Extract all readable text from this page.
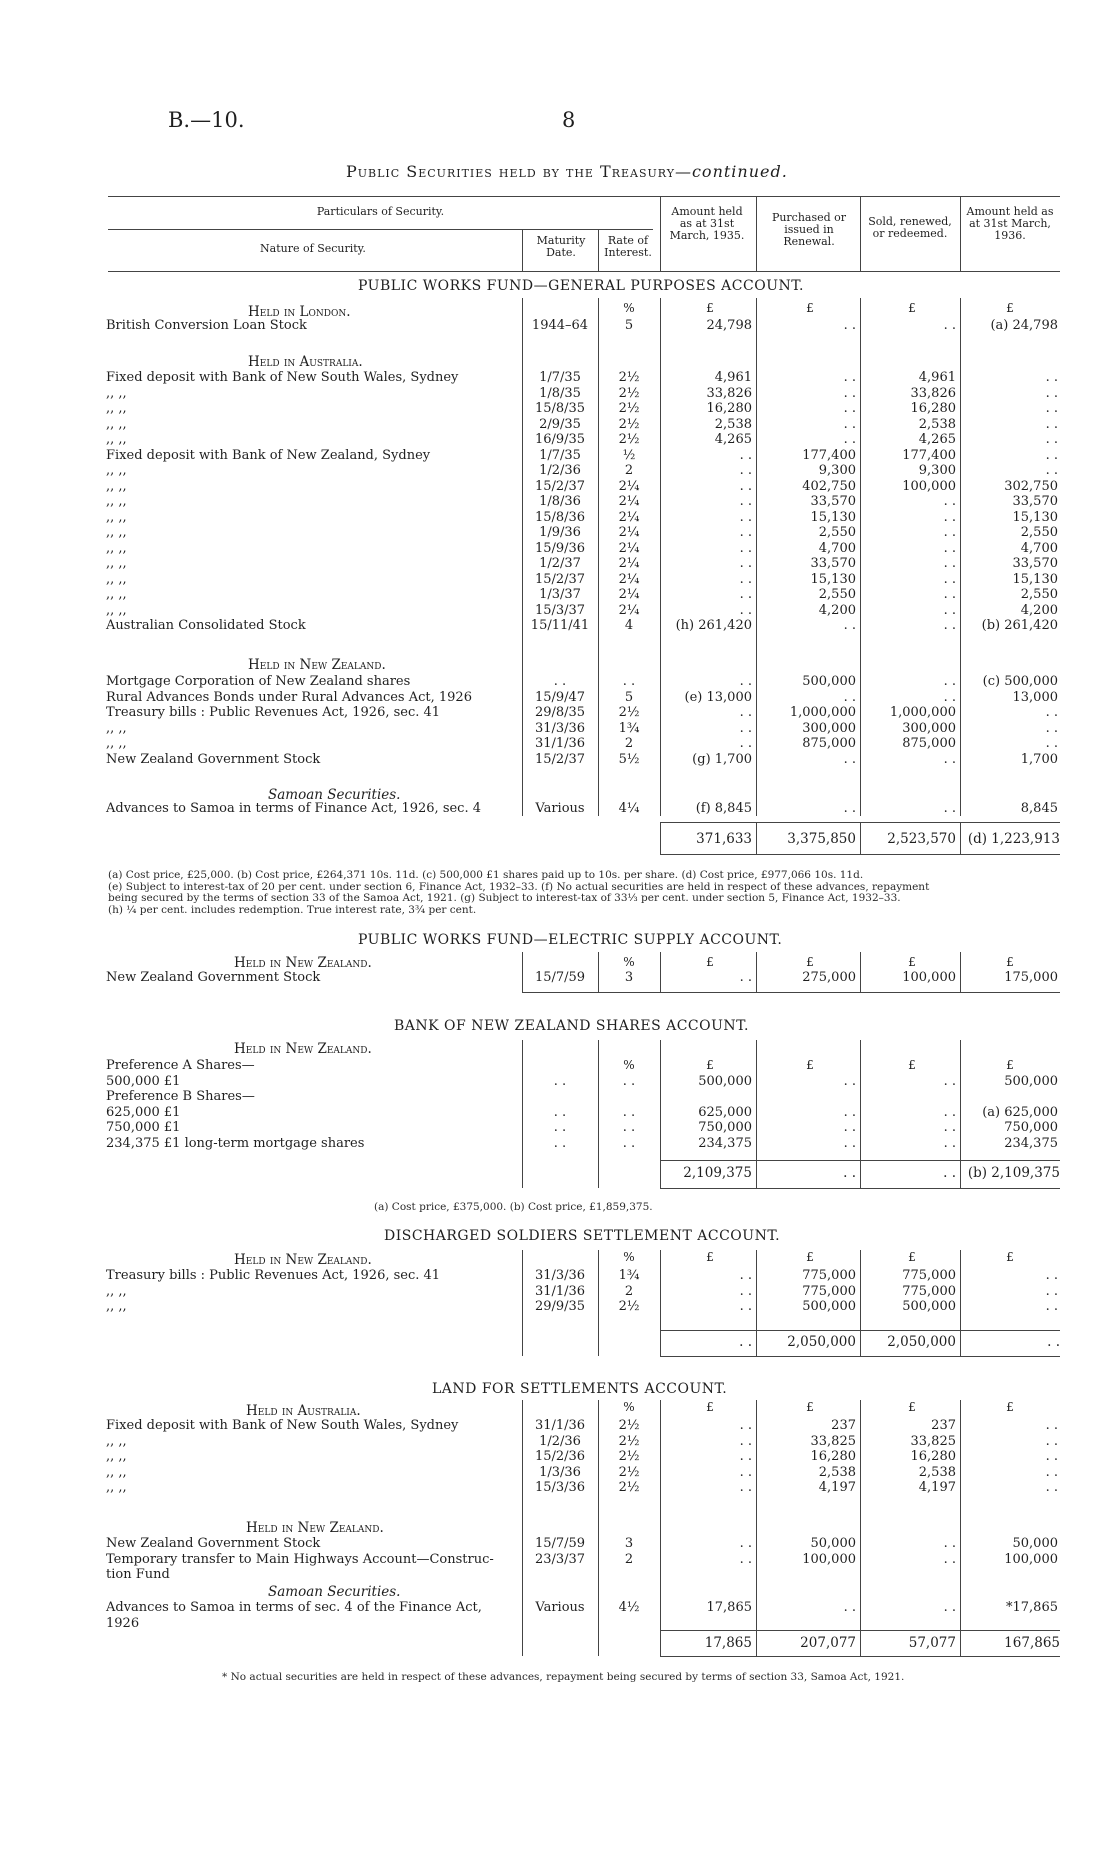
B.—10.	8
Public Securities held by the Treasury—continued.
Particulars of Security.
Nature of Security.
Maturity Date.
Rate of Interest.
Amount held as at 31st March, 1935.
Purchased or issued in Renewal.
Sold, renewed, or redeemed.
Amount held as at 31st March, 1936.
PUBLIC WORKS FUND—GENERAL PURPOSES ACCOUNT.
Held in London.	%	£	£	£	£
British Conversion Loan Stock	1944–64	5	24,798	. .	. .	(a) 24,798
Held in Australia.
Fixed deposit with Bank of New South Wales, Sydney	1/7/35	2½	4,961	. .	4,961	. .
,, ,,	1/8/35	2½	33,826	. .	33,826	. .
,, ,,	15/8/35	2½	16,280	. .	16,280	. .
,, ,,	2/9/35	2½	2,538	. .	2,538	. .
,, ,,	16/9/35	2½	4,265	. .	4,265	. .
Fixed deposit with Bank of New Zealand, Sydney	1/7/35	½	. .	177,400	177,400	. .
,, ,,	1/2/36	2	. .	9,300	9,300	. .
,, ,,	15/2/37	2¼	. .	402,750	100,000	302,750
,, ,,	1/8/36	2¼	. .	33,570	. .	33,570
,, ,,	15/8/36	2¼	. .	15,130	. .	15,130
,, ,,	1/9/36	2¼	. .	2,550	. .	2,550
,, ,,	15/9/36	2¼	. .	4,700	. .	4,700
,, ,,	1/2/37	2¼	. .	33,570	. .	33,570
,, ,,	15/2/37	2¼	. .	15,130	. .	15,130
,, ,,	1/3/37	2¼	. .	2,550	. .	2,550
,, ,,	15/3/37	2¼	. .	4,200	. .	4,200
Australian Consolidated Stock	15/11/41	4	(h) 261,420	. .	. .	(b) 261,420
Held in New Zealand.
Mortgage Corporation of New Zealand shares	. .	. .	. .	500,000	. .	(c) 500,000
Rural Advances Bonds under Rural Advances Act, 1926	15/9/47	5	(e) 13,000	. .	. .	13,000
Treasury bills : Public Revenues Act, 1926, sec. 41	29/8/35	2½	. .	1,000,000	1,000,000	. .
,, ,,	31/3/36	1¾	. .	300,000	300,000	. .
,, ,,	31/1/36	2	. .	875,000	875,000	. .
New Zealand Government Stock	15/2/37	5½	(g) 1,700	. .	. .	1,700
Samoan Securities.
Advances to Samoa in terms of Finance Act, 1926, sec. 4	Various	4¼	(f) 8,845	. .	. .	8,845
371,633	3,375,850	2,523,570 (d) 1,223,913
(a) Cost price, £25,000. (b) Cost price, £264,371 10s. 11d. (c) 500,000 £1 shares paid up to 10s. per share. (d) Cost price, £977,066 10s. 11d.
(e) Subject to interest-tax of 20 per cent. under section 6, Finance Act, 1932–33. (f) No actual securities are held in respect of these advances, repayment
being secured by the terms of section 33 of the Samoa Act, 1921. (g) Subject to interest-tax of 33⅓ per cent. under section 5, Finance Act, 1932–33.
(h) ¼ per cent. includes redemption. True interest rate, 3¾ per cent.
PUBLIC WORKS FUND—ELECTRIC SUPPLY ACCOUNT.
Held in New Zealand.	%	£	£	£	£
New Zealand Government Stock	15/7/59	3	. .	275,000	100,000	175,000
BANK OF NEW ZEALAND SHARES ACCOUNT.
Held in New Zealand.
%	£	£	£	£
Preference A Shares—						
500,000 £1	. .	. .	500,000	. .	. .	500,000
Preference B Shares—						
625,000 £1	. .	. .	625,000	. .	. .	(a) 625,000
750,000 £1	. .	. .	750,000	. .	. .	750,000
234,375 £1 long-term mortgage shares	. .	. .	234,375	. .	. .	234,375
2,109,375	. .	. . (b) 2,109,375
(a) Cost price, £375,000. (b) Cost price, £1,859,375.
DISCHARGED SOLDIERS SETTLEMENT ACCOUNT.
Held in New Zealand.	%	£	£	£	£
Treasury bills : Public Revenues Act, 1926, sec. 41	31/3/36	1¾	. .	775,000	775,000	. .
,, ,,	31/1/36	2	. .	775,000	775,000	. .
,, ,,	29/9/35	2½	. .	500,000	500,000	. .
. .	2,050,000	2,050,000	. .
LAND FOR SETTLEMENTS ACCOUNT.
Held in Australia.	%	£	£	£	£
Fixed deposit with Bank of New South Wales, Sydney	31/1/36	2½	. .	237	237	. .
,, ,,	1/2/36	2½	. .	33,825	33,825	. .
,, ,,	15/2/36	2½	. .	16,280	16,280	. .
,, ,,	1/3/36	2½	. .	2,538	2,538	. .
,, ,,	15/3/36	2½	. .	4,197	4,197	. .
Held in New Zealand.
New Zealand Government Stock	15/7/59	3	. .	50,000	. .	50,000
Temporary transfer to Main Highways Account—Construc-	23/3/37	2	. .	100,000	. .	100,000
tion Fund						
Samoan Securities.
Advances to Samoa in terms of sec. 4 of the Finance Act,	Various	4½	17,865	. .	. .	*17,865
1926						
17,865	207,077	57,077	167,865
* No actual securities are held in respect of these advances, repayment being secured by terms of section 33, Samoa Act, 1921.
